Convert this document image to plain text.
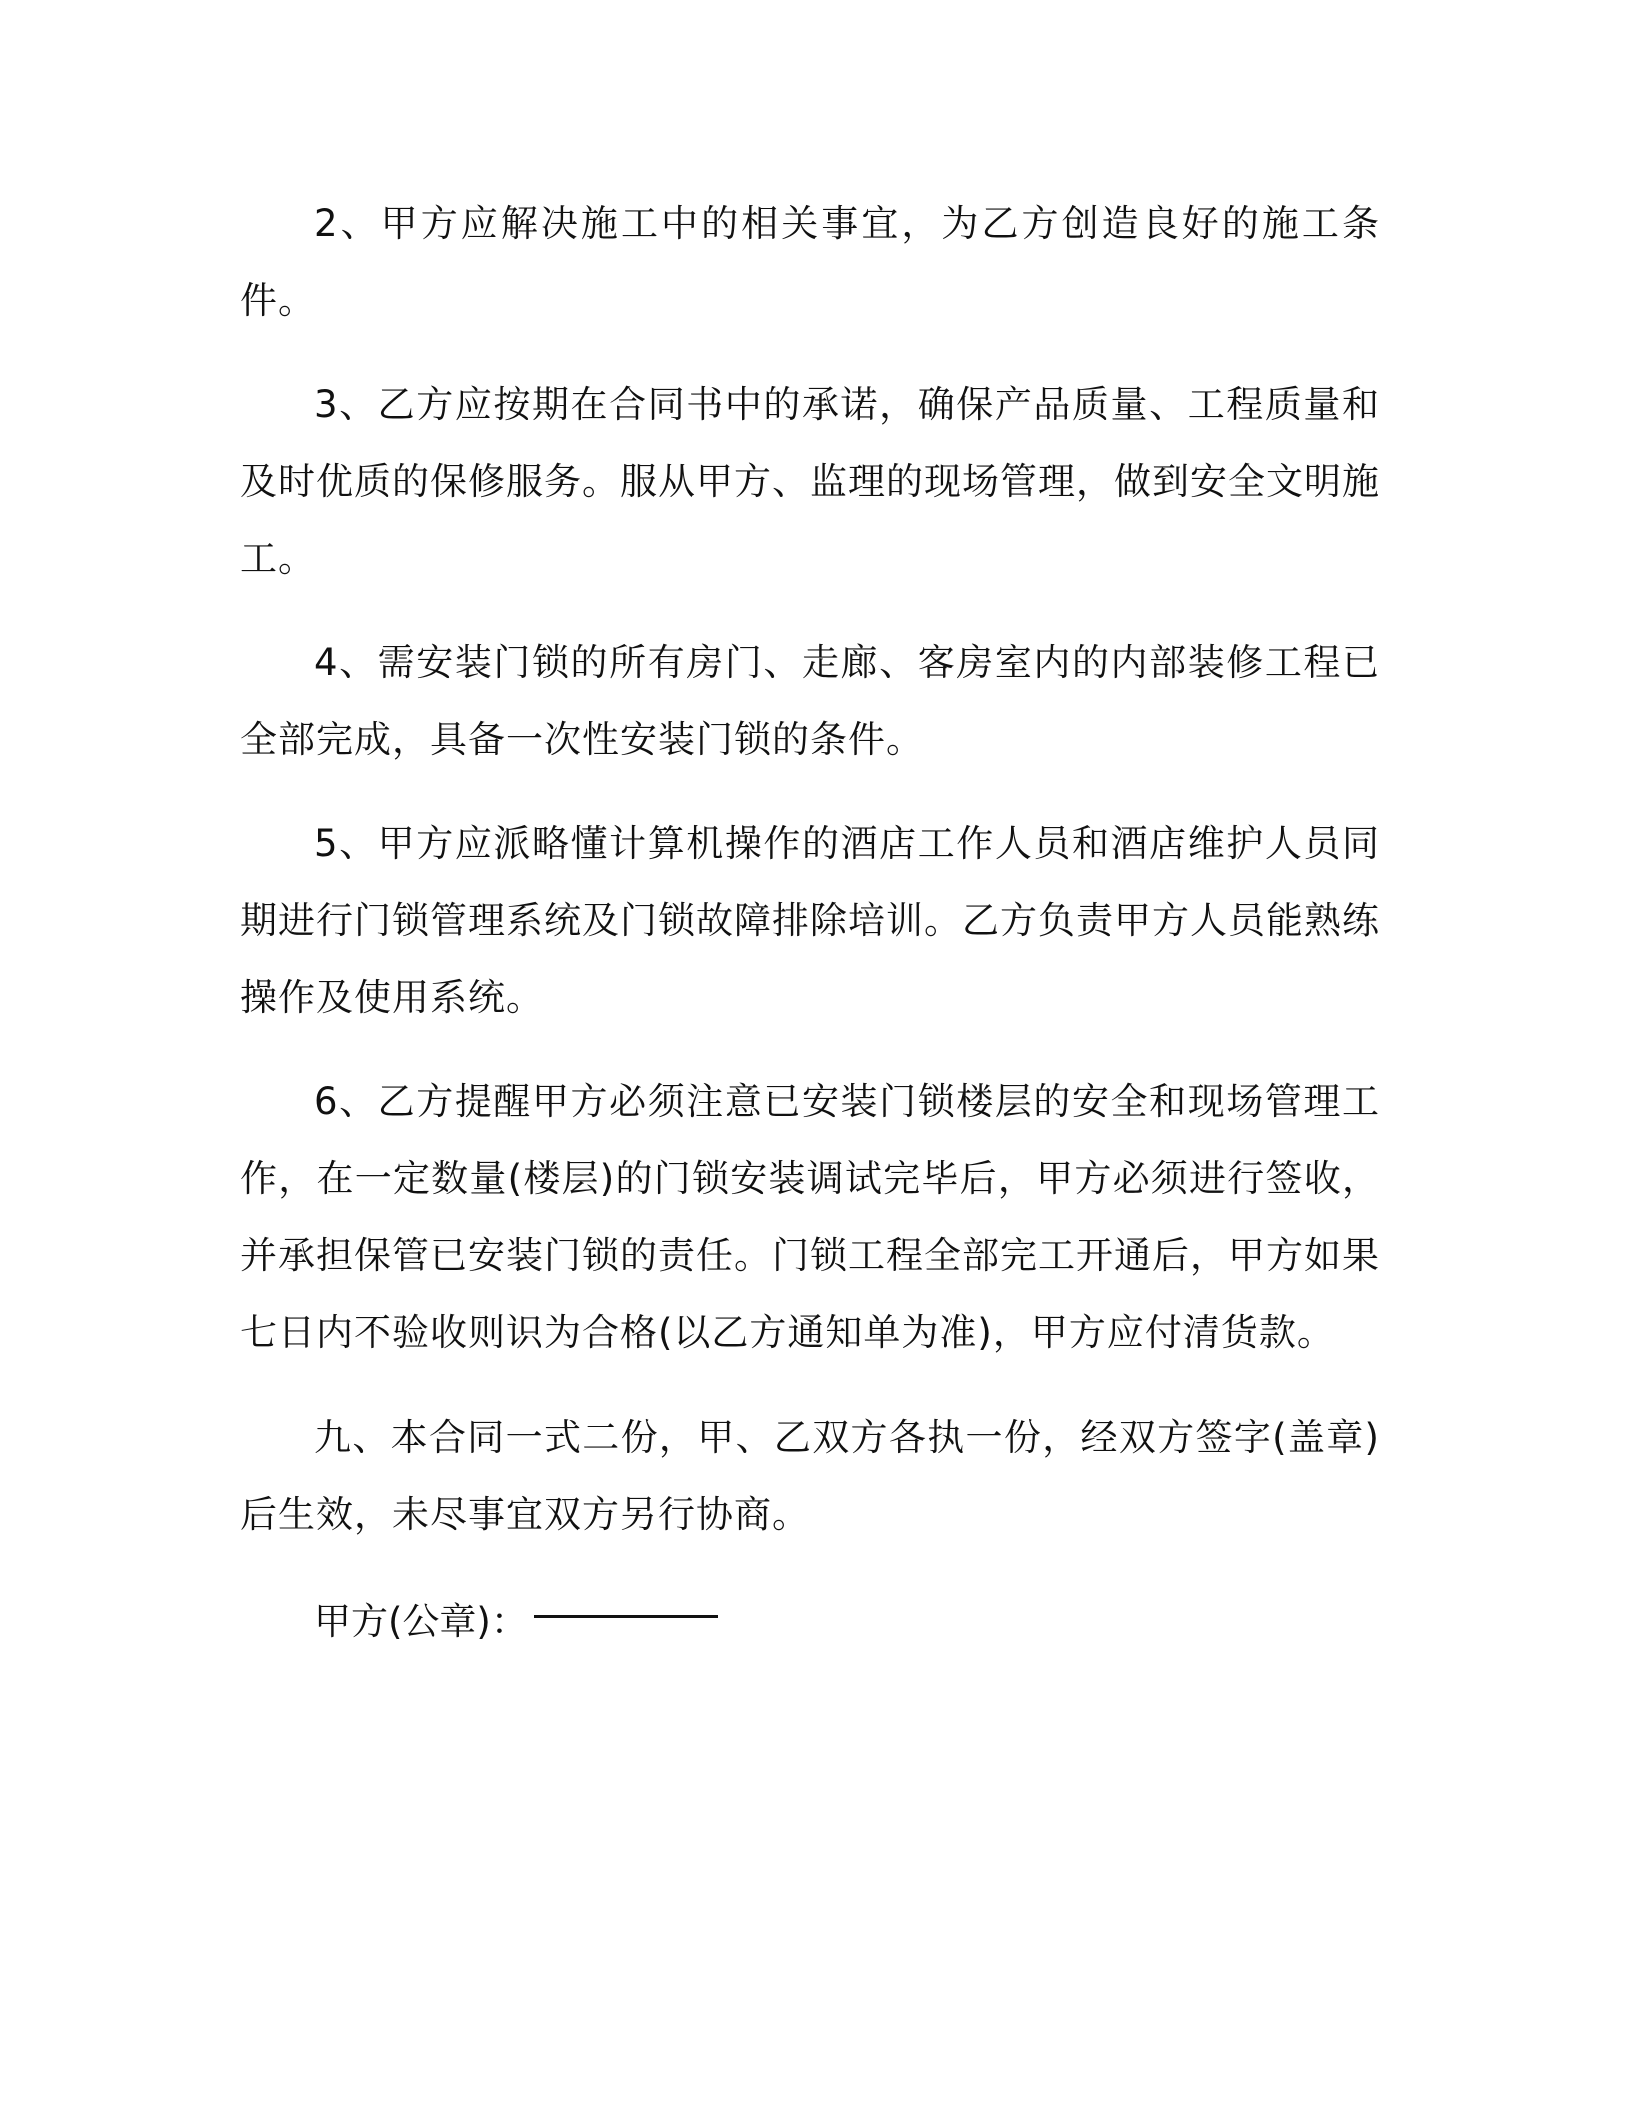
2、甲方应解决施工中的相关事宜，为乙方创造良好的施工条件。

3、乙方应按期在合同书中的承诺，确保产品质量、工程质量和及时优质的保修服务。服从甲方、监理的现场管理，做到安全文明施工。

4、需安装门锁的所有房门、走廊、客房室内的内部装修工程已全部完成，具备一次性安装门锁的条件。

5、甲方应派略懂计算机操作的酒店工作人员和酒店维护人员同期进行门锁管理系统及门锁故障排除培训。乙方负责甲方人员能熟练操作及使用系统。

6、乙方提醒甲方必须注意已安装门锁楼层的安全和现场管理工作，在一定数量(楼层)的门锁安装调试完毕后，甲方必须进行签收，并承担保管已安装门锁的责任。门锁工程全部完工开通后，甲方如果七日内不验收则识为合格(以乙方通知单为准)，甲方应付清货款。

九、本合同一式二份，甲、乙双方各执一份，经双方签字(盖章)后生效，未尽事宜双方另行协商。

甲方(公章)：
